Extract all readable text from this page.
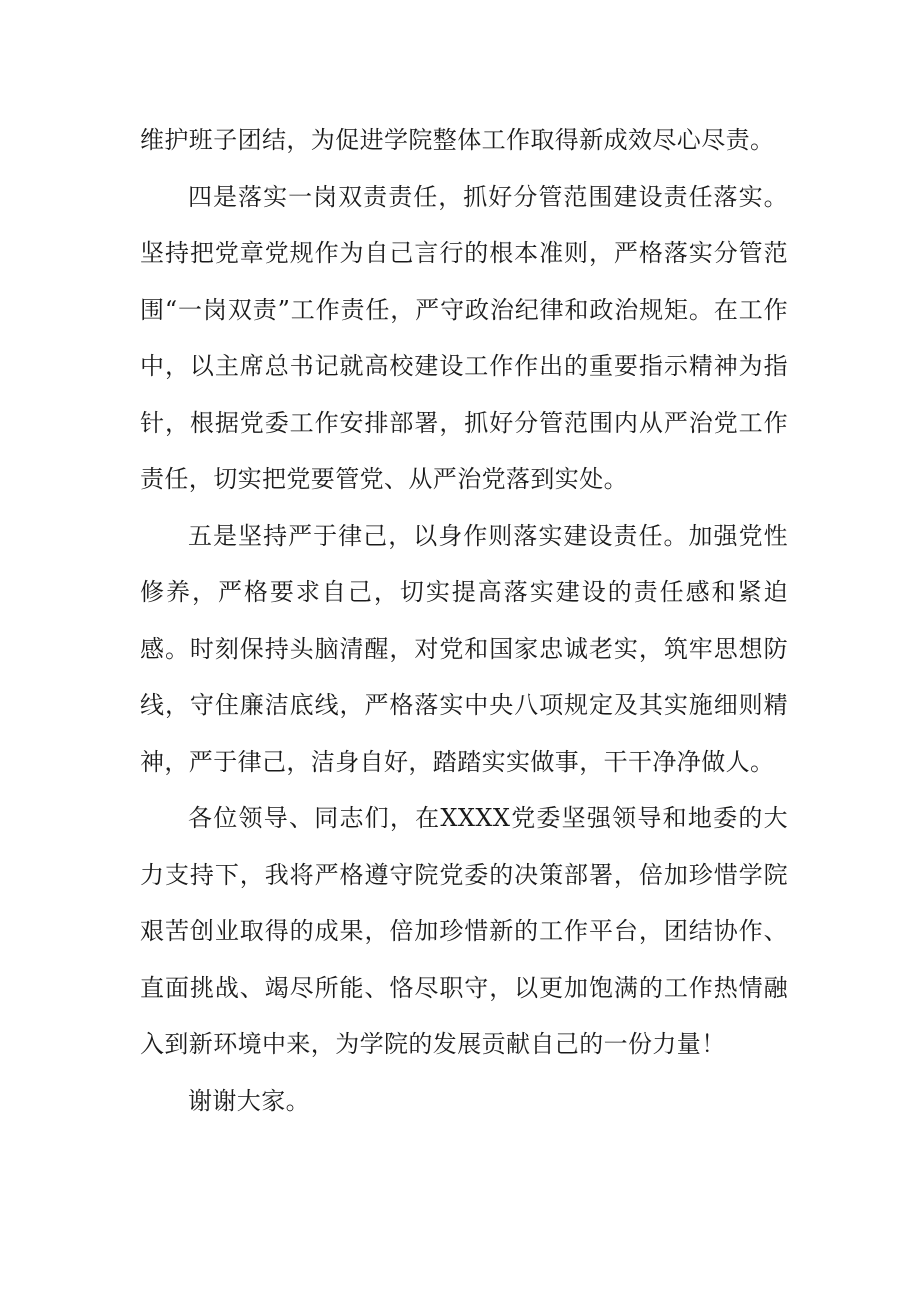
维护班子团结，为促进学院整体工作取得新成效尽心尽责。

四是落实一岗双责责任，抓好分管范围建设责任落实。坚持把党章党规作为自己言行的根本准则，严格落实分管范围“一岗双责”工作责任，严守政治纪律和政治规矩。在工作中，以主席总书记就高校建设工作作出的重要指示精神为指针，根据党委工作安排部署，抓好分管范围内从严治党工作责任，切实把党要管党、从严治党落到实处。

五是坚持严于律己，以身作则落实建设责任。加强党性修养，严格要求自己，切实提高落实建设的责任感和紧迫感。时刻保持头脑清醒，对党和国家忠诚老实，筑牢思想防线，守住廉洁底线，严格落实中央八项规定及其实施细则精神，严于律己，洁身自好，踏踏实实做事，干干净净做人。

各位领导、同志们，在XXXX党委坚强领导和地委的大力支持下，我将严格遵守院党委的决策部署，倍加珍惜学院艰苦创业取得的成果，倍加珍惜新的工作平台，团结协作、直面挑战、竭尽所能、恪尽职守，以更加饱满的工作热情融入到新环境中来，为学院的发展贡献自己的一份力量！

谢谢大家。
